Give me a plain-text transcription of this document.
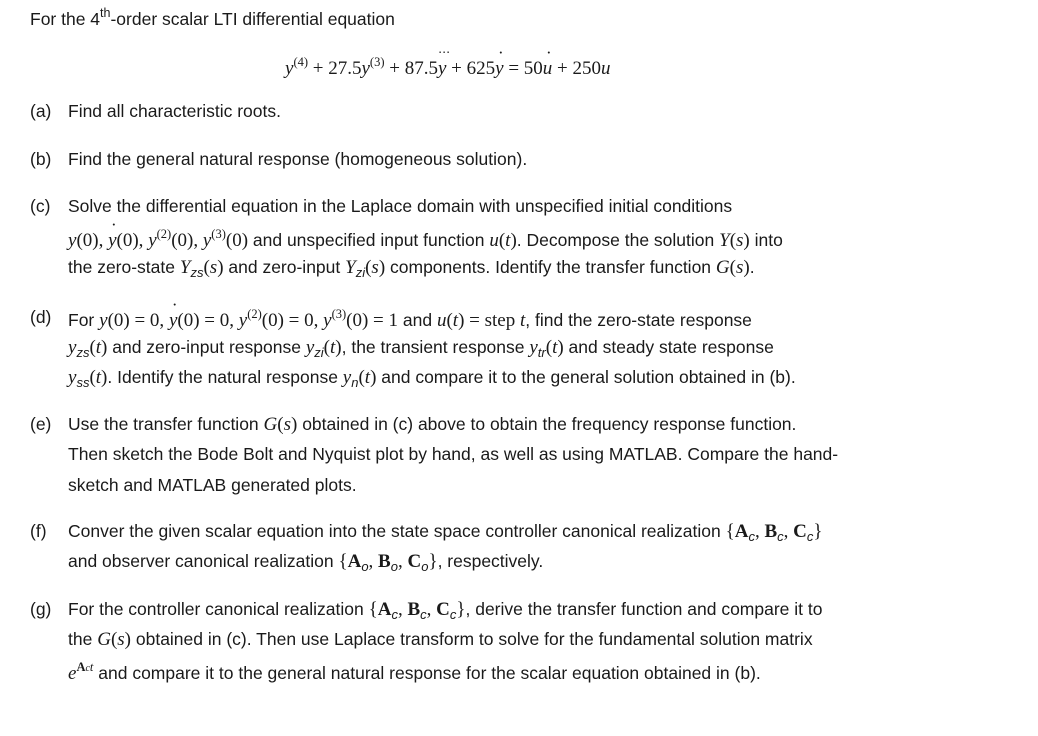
For the 4th-order scalar LTI differential equation
$y^{(4)} + 27.5y^{(3)} + 87.5y$ ⋯ + 625y ˙ = 50u ˙ + 250u
(a) Find all characteristic roots.
(b) Find the general natural response (homogeneous solution).
(c) Solve the differential equation in the Laplace domain with unspecified initial conditions
y(0), y ˙(0), $y^{(2)}(0)$, $y^{(3)}(0)$ and unspecified input function u(t). Decompose the solution Y(s) into
the zero-state $Y_{zs}(s)$ and zero-input $Y_{zi}(s)$ components. Identify the transfer function G(s).
(d) For y(0) = 0, y ˙(0) = 0, $y^{(2)}(0) = 0$, $y^{(3)}(0) = 1$ and u(t) = step t, find the zero-state response
$y_{zs}(t)$ and zero-input response $y_{zi}(t)$, the transient response $y_{tr}(t)$ and steady state response
$y_{ss}(t)$. Identify the natural response $y_n(t)$ and compare it to the general solution obtained in (b).
(e) Use the transfer function G(s) obtained in (c) above to obtain the frequency response function.
Then sketch the Bode Bolt and Nyquist plot by hand, as well as using MATLAB. Compare the hand-
sketch and MATLAB generated plots.
(f) Conver the given scalar equation into the state space controller canonical realization {$A_c$, $B_c$, $C_c$}
and observer canonical realization {$A_o$, $B_o$, $C_o$}, respectively.
(g) For the controller canonical realization {$A_c$, $B_c$, $C_c$}, derive the transfer function and compare it to
the G(s) obtained in (c). Then use Laplace transform to solve for the fundamental solution matrix
$e^{Act}$ and compare it to the general natural response for the scalar equation obtained in (b).
